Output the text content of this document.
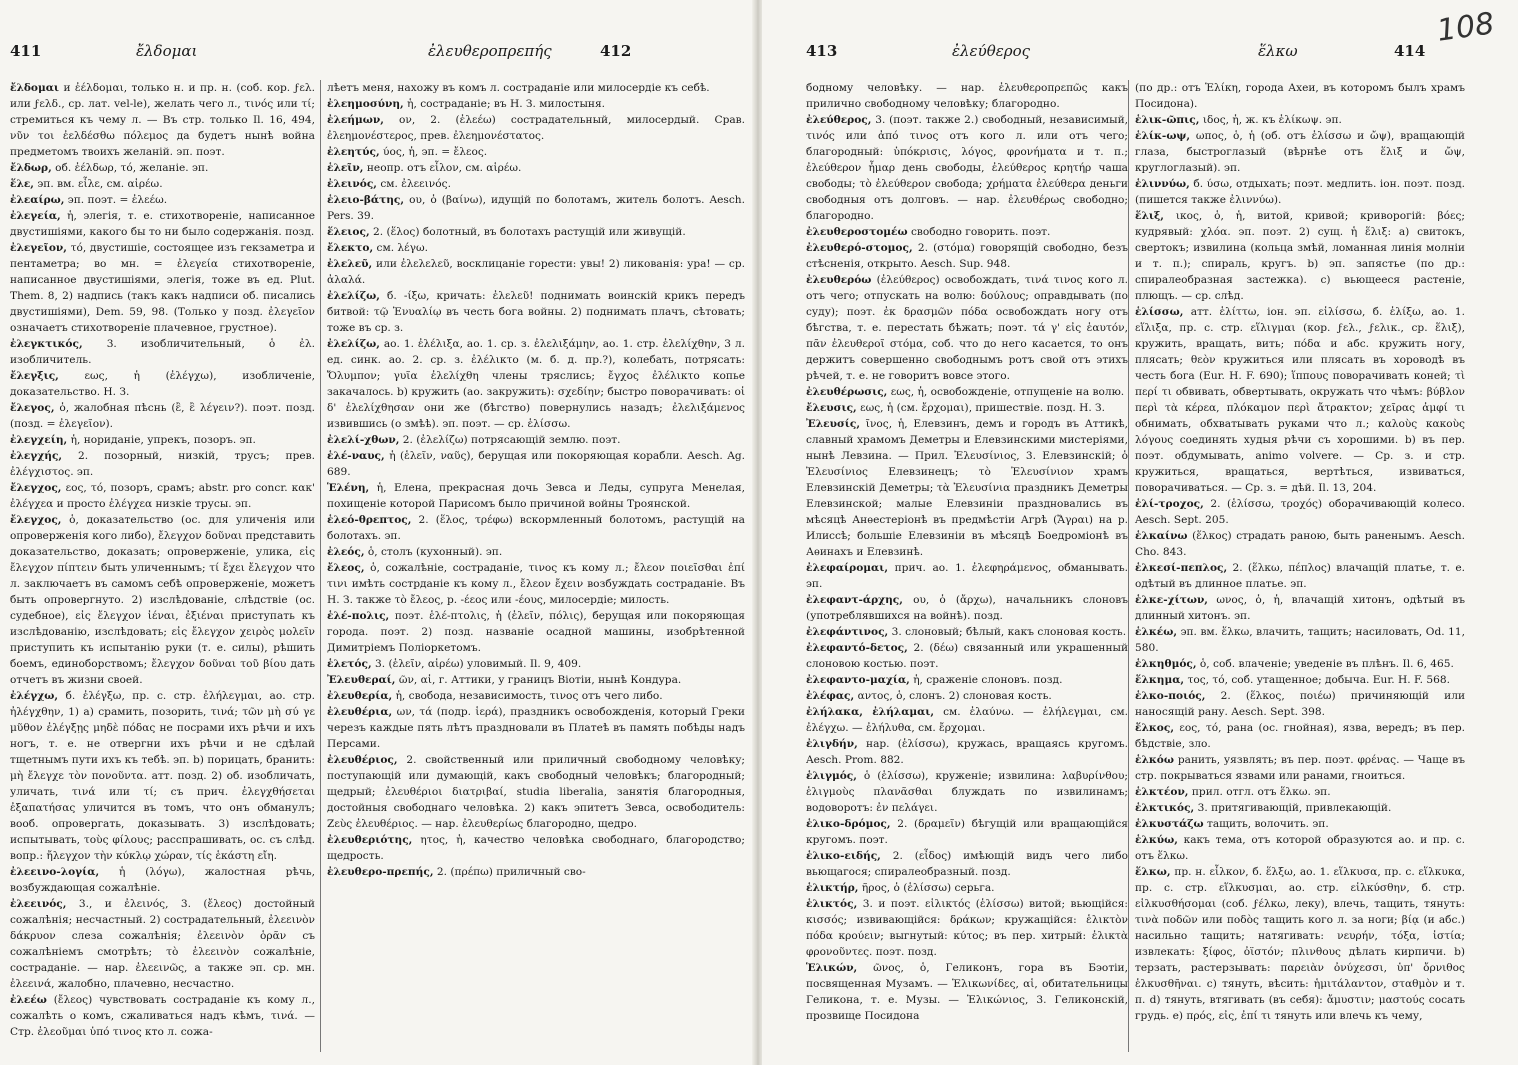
411	ἔλδομαι	ἐλευθεροπρεπής	412

ἔλδομαι и ἐέλδομαι, только н. и пр. н. (соб. кор. ϝελ. или ϝελδ., ср. лат. vel-le), желать чего л., τινός или τί; стремиться къ чему л. — Въ стр. только Il. 16, 494, νῦν τοι ἐελδέσθω πόλεμος да будетъ нынѣ война предметомъ твоихъ желаній. эп. поэт.

ἔλδωρ, об. ἐέλδωρ, τό, желаніе. эп.

ἕλε, эп. вм. εἷλε, см. αἱρέω.

ἐλεαίρω, эп. поэт. = ἐλεέω.

ἐλεγεία, ἡ, элегія, т. е. стихотвореніе, написанное двустишіями, какого бы то ни было содержанія. позд.

ἐλεγεῖον, τό, двустишіе, состоящее изъ гекзаметра и пентаметра; во мн. = ἐλεγεία стихотвореніе, написанное двустишіями, элегія, тоже въ ед. Plut. Them. 8, 2) надпись (такъ какъ надписи об. писались двустишіями), Dem. 59, 98. (Только у позд. ἐλεγεῖον означаетъ стихотвореніе плачевное, грустное).

ἐλεγκτικός, 3. изобличительный, ὁ ἐλ. изобличитель.

ἔλεγξις, εως, ἡ (ἐλέγχω), изобличеніе, доказательство. Н. З.

ἔλεγος, ὁ, жалобная пѣснь (ἒ, ἒ λέγειν?). поэт. позд. (позд. = ἐλεγεῖον).

ἐλεγχείη, ἡ, нориданіе, упрекъ, позоръ. эп.

ἐλεγχής, 2. позорный, низкій, трусъ; прев. ἐλέγχιστος. эп.

ἔλεγχος, εος, τό, позоръ, срамъ; abstr. pro concr. κακ' ἐλέγχεα и просто ἐλέγχεα низкіе трусы. эп.

ἔλεγχος, ὁ, доказательство (ос. для уличенія или опроверженія кого либо), ἔλεγχον δοῦναι представить доказательство, доказать; опроверженіе, улика, εἰς ἔλεγχον πίπτειν быть уличеннымъ; τί ἔχει ἔλεγχον что л. заключаетъ въ самомъ себѣ опроверженіе, можетъ быть опровергнуто. 2) изслѣдованіе, слѣдствіе (ос. судебное), εἰς ἔλεγχον ἰέναι, ἐξιέναι приступать къ изслѣдованію, изслѣдовать; εἰς ἔλεγχον χειρὸς μολεῖν приступить къ испытанію руки (т. е. силы), рѣшить боемъ, единоборствомъ; ἔλεγχον δοῦναι τοῦ βίου дать отчетъ въ жизни своей.

ἐλέγχω, б. ἐλέγξω, пр. с. стр. ἐλήλεγμαι, ао. стр. ἠλέγχθην, 1) а) срамить, позорить, τινά; τῶν μὴ σύ γε μῦθον ἐλέγξῃς μηδὲ πόδας не посрами ихъ рѣчи и ихъ ногъ, т. е. не отвергни ихъ рѣчи и не сдѣлай тщетнымъ пути ихъ къ тебѣ. эп. b) порицать, бранить: μὴ ἔλεγχε τὸν πονοῦντα. атт. позд. 2) об. изобличать, уличать, τινά или τί; съ прич. ἐλεγχθήσεται ἐξαπατήσας уличится въ томъ, что онъ обманулъ; вооб. опровергать, доказывать. 3) изслѣдовать; испытывать, τοὺς φίλους; расспрашивать, ос. съ слѣд. вопр.: ἤλεγχον τὴν κύκλῳ χώραν, τίς ἑκάστη εἴη.

ἐλεεινο-λογία, ἡ (λόγω), жалостная рѣчь, возбуждающая сожалѣніе.

ἐλεεινός, 3., и ἐλεινός, 3. (ἔλεος) достойный сожалѣнія; несчастный. 2) сострадательный, ἐλεεινὸν δάκρυον слеза сожалѣнія; ἐλεεινὸν ὁρᾶν съ сожалѣніемъ смотрѣть; τὸ ἐλεεινὸν сожалѣніе, состраданіе. — нар. ἐλεεινῶς, а также эп. ср. мн. ἐλεεινά, жалобно, плачевно, несчастно.

ἐλεέω (ἔλεος) чувствовать состраданіе къ кому л., сожалѣть о комъ, сжаливаться надъ кѣмъ, τινά. — Стр. ἐλεοῦμαι ὑπό τινος кто л. сожа-

лѣетъ меня, нахожу въ комъ л. состраданіе или милосердіе къ себѣ.

ἐλεημοσύνη, ἡ, состраданіе; въ Н. З. милостыня.

ἐλεήμων, ον, 2. (ἐλεέω) сострадательный, милосердый. Срав. ἐλεημονέστερος, прев. ἐλεημονέστατος.

ἐλεητύς, ύος, ἡ, эп. = ἔλεος.

ἑλεῖν, неопр. отъ εἷλον, см. αἱρέω.

ἐλεινός, см. ἐλεεινός.

ἑλειο-βάτης, ου, ὁ (βαίνω), идущій по болотамъ, житель болотъ. Aesch. Pers. 39.

ἕλειος, 2. (ἕλος) болотный, въ болотахъ растущій или живущій.

ἔλεκτο, см. λέγω.

ἐλελεῦ, или ἐλελελεῦ, восклицаніе горести: увы! 2) ликованія: ура! — ср. ἀλαλά.

ἐλελίζω, б. -ίξω, кричать: ἐλελεῦ! поднимать воинскій крикъ передъ битвой: τῷ Ἐνυαλίῳ въ честь бога войны. 2) поднимать плачъ, сѣтовать; тоже въ ср. з.

ἐλελίζω, ао. 1. ἐλέλιξα, ао. 1. ср. з. ἐλελιξάμην, ао. 1. стр. ἐλελίχθην, 3 л. ед. синк. ао. 2. ср. з. ἐλέλικτο (м. б. д. пр.?), колебать, потрясать: Ὄλυμπον; γυῖα ἐλελίχθη члены тряслись; ἔγχος ἐλέλικτο копье закачалось. b) кружить (ао. закружить): σχεδίην; быстро поворачивать: οἱ δ' ἐλελίχθησαν они же (бѣгство) повернулись назадъ; ἐλελιξάμενος извившись (о змѣѣ). эп. поэт. — ср. ἑλίσσω.

ἐλελί-χθων, 2. (ἐλελίζω) потрясающій землю. поэт.

ἑλέ-ναυς, ἡ (ἑλεῖν, ναῦς), берущая или покоряющая корабли. Aesch. Ag. 689.

Ἑλένη, ἡ, Елена, прекрасная дочь Зевса и Леды, супруга Менелая, похищеніе которой Парисомъ было причиной войны Троянской.

ἑλεό-θρεπτος, 2. (ἕλος, τρέφω) вскормленный болотомъ, растущій на болотахъ. эп.

ἐλεός, ὁ, столъ (кухонный). эп.

ἔλεος, ὁ, сожалѣніе, состраданіе, τινος къ кому л.; ἔλεον ποιεῖσθαι ἐπί τινι имѣть сострданіе къ кому л., ἔλεον ἔχειν возбуждать состраданіе. Въ Н. З. также τὸ ἔλεος, р. -έεος или -έους, милосердіе; милость.

ἑλέ-πολις, поэт. ἑλέ-πτολις, ἡ (ἑλεῖν, πόλις), берущая или покоряющая города. поэт. 2) позд. названіе осадной машины, изобрѣтенной Димитріемъ Поліоркетомъ.

ἑλετός, 3. (ἑλεῖν, αἱρέω) уловимый. Il. 9, 409.

Ἐλευθεραί, ῶν, αἱ, г. Аттики, у границъ Віотіи, нынѣ Кондура.

ἐλευθερία, ἡ, свобода, независимость, τινος отъ чего либо.

ἐλευθέρια, ων, τά (подр. ἱερά), праздникъ освобожденія, который Греки черезъ каждые пять лѣтъ праздновали въ Платеѣ въ память побѣды надъ Персами.

ἐλευθέριος, 2. свойственный или приличный свободному человѣку; поступающій или думающій, какъ свободный человѣкъ; благородный; щедрый; ἐλευθέριοι διατριβαί, studia liberalia, занятія благородныя, достойныя свободнаго человѣка. 2) какъ эпитетъ Зевса, освободитель: Ζεὺς ἐλευθέριος. — нар. ἐλευθερίως благородно, щедро.

ἐλευθεριότης, ητος, ἡ, качество человѣка свободнаго, благородство; щедрость.

ἐλευθερο-πρεπής, 2. (πρέπω) приличный сво-

413	ἐλεύθερος	ἕλκω	414
108

бодному человѣку. — нар. ἐλευθεροπρεπῶς какъ прилично свободному человѣку; благородно.

ἐλεύθερος, 3. (поэт. также 2.) свободный, независимый, τινός или ἀπό τινος отъ кого л. или отъ чего; благородный: ὑπόκρισις, λόγος, φρονήματα и т. п.; ἐλεύθερον ἦμαρ день свободы, ἐλεύθερος κρητήρ чаша свободы; τὸ ἐλεύθερον свобода; χρήματα ἐλεύθερα деньги свободныя отъ долговъ. — нар. ἐλευθέρως свободно; благородно.

ἐλευθεροστομέω свободно говорить. поэт.

ἐλευθερό-στομος, 2. (στόμα) говорящій свободно, безъ стѣсненія, открыто. Aesch. Sup. 948.

ἐλευθερόω (ἐλεύθερος) освобождать, τινά τινος кого л. отъ чего; отпускать на волю: δούλους; оправдывать (по суду); поэт. ἐκ δρασμῶν πόδα освобождать ногу отъ бѣгства, т. е. перестать бѣжать; поэт. τά γ' εἰς ἑαυτόν, πᾶν ἐλευθεροῖ στόμα, соб. что до него касается, то онъ держитъ совершенно свободнымъ ротъ свой отъ этихъ рѣчей, т. е. не говоритъ вовсе этого.

ἐλευθέρωσις, εως, ἡ, освобожденіе, отпущеніе на волю.

ἔλευσις, εως, ἡ (см. ἔρχομαι), пришествіе. позд. Н. З.

Ἐλευσίς, ῖνος, ἡ, Елевзинъ, демъ и городъ въ Аттикѣ, славный храмомъ Деметры и Елевзинскими мистеріями, нынѣ Левзина. — Прил. Ἐλευσίνιος, 3. Елевзинскій; ὁ Ἐλευσίνιος Елевзинецъ; τὸ Ἐλευσίνιον храмъ Елевзинскій Деметры; τὰ Ἐλευσίνια праздникъ Деметры Елевзинской; малые Елевзиніи праздновались въ мѣсяцѣ Анѳестеріонѣ въ предмѣстіи Агрѣ (Ἄγραι) на р. Илиссѣ; большіе Елевзиніи въ мѣсяцѣ Боедроміонѣ въ Аѳинахъ и Елевзинѣ.

ἐλεφαίρομαι, прич. ао. 1. ἐλεφηράμενος, обманывать. эп.

ἐλεφαντ-άρχης, ου, ὁ (ἄρχω), начальникъ слоновъ (употреблявшихся на войнѣ). позд.

ἐλεφάντινος, 3. слоновый; бѣлый, какъ слоновая кость.

ἐλεφαντό-δετος, 2. (δέω) связанный или украшенный слоновою костью. поэт.

ἐλεφαντο-μαχία, ἡ, сраженіе слоновъ. позд.

ἐλέφας, αντος, ὁ, слонъ. 2) слоновая кость.

ἐλήλακα, ἐλήλαμαι, см. ἐλαύνω. — ἐλήλεγμαι, см. ἐλέγχω. — ἐλήλυθα, см. ἔρχομαι.

ἐλιγδήν, нар. (ἑλίσσω), кружась, вращаясь кругомъ. Aesch. Prom. 882.

ἑλιγμός, ὁ (ἑλίσσω), круженіе; извилина: λαβυρίνθου; ἑλιγμοὺς πλανᾶσθαι блуждать по извилинамъ; водоворотъ: ἐν πελάγει.

ἑλικο-δρόμος, 2. (δραμεῖν) бѣгущій или вращающійся кругомъ. поэт.

ἑλικο-ειδής, 2. (εἶδος) имѣющій видъ чего либо вьющагося; спиралеобразный. позд.

ἑλικτήρ, ῆρος, ὁ (ἑλίσσω) серьга.

ἑλικτός, 3. и поэт. εἱλικτός (ἑλίσσω) витой; вьющійся: κισσός; извивающійся: δράκων; кружащійся: ἑλικτὸν πόδα κρούειν; выгнутый: κύτος; въ пер. хитрый: ἑλικτὰ φρονοῦντες. поэт. позд.

Ἑλικών, ῶνος, ὁ, Геликонъ, гора въ Бэотіи, посвященная Музамъ. — Ἑλικωνίδες, αἱ, обитательницы Геликона, т. е. Музы. — Ἑλικώνιος, 3. Геликонскій, прозвище Посидона

(по др.: отъ Ἑλίκη, города Ахеи, въ которомъ былъ храмъ Посидона).

ἑλικ-ῶπις, ιδος, ἡ, ж. къ ἑλίκωψ. эп.

ἑλίκ-ωψ, ωπος, ὁ, ἡ (об. отъ ἑλίσσω и ὤψ), вращающій глаза, быстроглазый (вѣрнѣе отъ ἕλιξ и ὤψ, круглоглазый). эп.

ἑλιννύω, б. ύσω, отдыхать; поэт. медлить. іон. поэт. позд. (пишется также ἐλιννύω).

ἕλιξ, ικος, ὁ, ἡ, витой, кривой; криворогій: βόες; кудрявый: χλόα. эп. поэт. 2) сущ. ἡ ἕλιξ: а) свитокъ, свертокъ; извилина (кольца змѣй, ломанная линія молніи и т. п.); спираль, кругъ. b) эп. запястье (по др.: спиралеобразная застежка). c) вьющееся растеніе, плющъ. — ср. слѣд.

ἑλίσσω, атт. ἑλίττω, іон. эп. εἱλίσσω, б. ἑλίξω, ао. 1. εἵλιξα, пр. с. стр. εἵλιγμαι (кор. ϝελ., ϝελικ., ср. ἕλιξ), кружить, вращать, вить; πόδα и абс. кружить ногу, плясать; θεὸν кружиться или плясать въ хороводѣ въ честь бога (Eur. H. F. 690); ἵππους поворачивать коней; τὶ περί τι обвивать, обвертывать, окружать что чѣмъ: βύβλον περὶ τὰ κέρεα, πλόκαμον περὶ ἄτρακτον; χεῖρας ἀμφί τι обнимать, обхватывать руками что л.; καλοὺς κακοὺς λόγους соединять худыя рѣчи съ хорошими. b) въ пер. поэт. обдумывать, animo volvere. — Ср. з. и стр. кружиться, вращаться, вертѣться, извиваться, поворачиваться. — Ср. з. = дѣй. Il. 13, 204.

ἑλί-τροχος, 2. (ἑλίσσω, τροχός) оборачивающій колесо. Aesch. Sept. 205.

ἑλκαίνω (ἕλκος) страдать раною, быть раненымъ. Aesch. Cho. 843.

ἑλκεσί-πεπλος, 2. (ἕλκω, πέπλος) влачащій платье, т. е. одѣтый въ длинное платье. эп.

ἑλκε-χίτων, ωνος, ὁ, ἡ, влачащій хитонъ, одѣтый въ длинный хитонъ. эп.

ἑλκέω, эп. вм. ἕλκω, влачить, тащить; насиловать, Od. 11, 580.

ἑλκηθμός, ὁ, соб. влаченіе; уведеніе въ плѣнъ. Il. 6, 465.

ἕλκημα, τος, τό, соб. утащенное; добыча. Eur. H. F. 568.

ἑλκο-ποιός, 2. (ἕλκος, ποιέω) причиняющій или наносящій рану. Aesch. Sept. 398.

ἕλκος, εος, τό, рана (ос. гнойная), язва, вередъ; въ пер. бѣдствіе, зло.

ἑλκόω ранить, уязвлять; въ пер. поэт. φρένας. — Чаще въ стр. покрываться язвами или ранами, гноиться.

ἑλκτέον, прил. отгл. отъ ἕλκω. эп.

ἑλκτικός, 3. притягивающій, привлекающій.

ἑλκυστάζω тащить, волочить. эп.

ἑλκύω, какъ тема, отъ которой образуются ао. и пр. с. отъ ἕλκω.

ἕλκω, пр. н. εἷλκον, б. ἕλξω, ао. 1. εἵλκυσα, пр. с. εἵλκυκα, пр. с. стр. εἵλκυσμαι, ао. стр. εἱλκύσθην, б. стр. εἱλκυσθήσομαι (соб. ϝέλκω, лекy), влечь, тащить, тянуть: τινὰ ποδῶν или ποδὸς тащить кого л. за ноги; βίᾳ (и абс.) насильно тащить; натягивать: νευρήν, τόξα, ἱστία; извлекать: ξίφος, ὀϊστόν; πλινθους дѣлать кирпичи. b) терзать, растерзывать: παρειὰν ὀνύχεσσι, ὑπ' ὄρνιθος ἑλκυσθῆναι. c) тянуть, вѣсить: ἡμιτάλαντον, σταθμὸν и т. п. d) тянуть, втягивать (въ себя): ἄμυστιν; μαστούς сосать грудь. e) πρός, εἰς, ἐπί τι тянуть или влечь къ чему,
